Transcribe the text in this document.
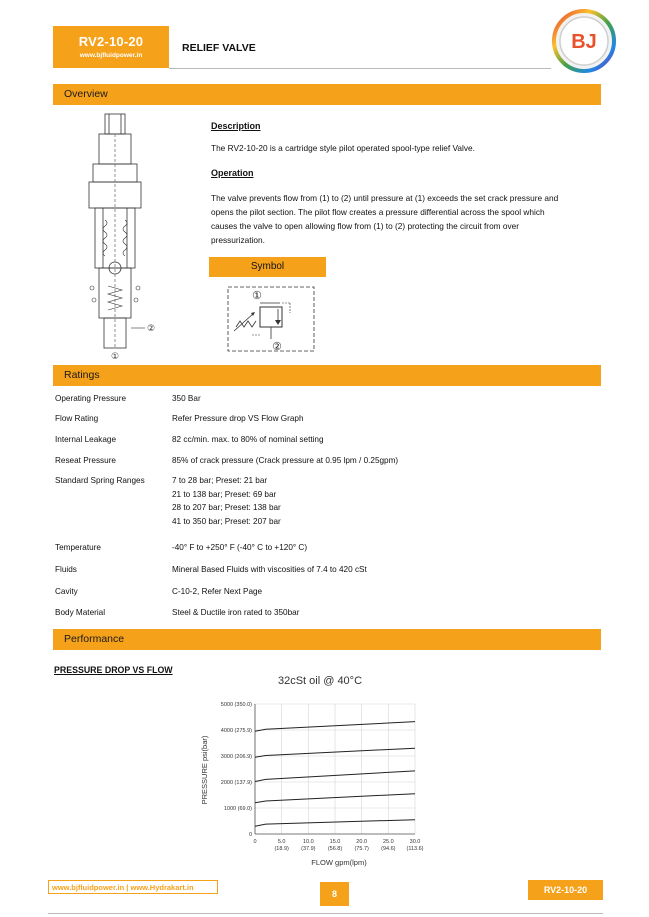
RV2-10-20
www.bjfluidpower.in
RELIEF VALVE	BJ
Overview
②
①
Description
The RV2-10-20 is a cartridge style pilot operated spool-type relief Valve.
Operation
The valve prevents flow from (1) to (2) until pressure at (1) exceeds the set crack pressure and
opens the pilot section. The pilot flow creates a pressure differential across the spool which
causes the valve to open allowing flow from (1) to (2) protecting the circuit from over
pressurization.
Symbol
①
②
Ratings
Operating Pressure	350 Bar
Flow Rating	Refer Pressure drop VS Flow Graph
Internal Leakage	82 cc/min. max. to 80% of nominal setting
Reseat Pressure	85% of crack pressure (Crack pressure at 0.95 lpm / 0.25gpm)
Standard Spring Ranges	7 to 28 bar; Preset: 21 bar
21 to 138 bar; Preset: 69 bar
28 to 207 bar; Preset: 138 bar
41 to 350 bar; Preset: 207 bar
Temperature	-40° F to +250° F (-40° C to +120° C)
Fluids	Mineral Based Fluids with viscosities of 7.4 to 420 cSt
Cavity	C-10-2, Refer Next Page
Body Material	Steel & Ductile iron rated to 350bar
Performance
PRESSURE DROP VS FLOW
32cSt oil @ 40°C
0
1000 (69.0)
2000 (137.9)
3000 (206.9)
4000 (275.9)
5000 (350.0)
0	5.0
(18.9)
10.0
(37.9)
15.0
(56.8)
20.0
(75.7)
25.0
(94.6)
30.0
(113.6)
FLOW gpm(lpm)
PRESSURE psi(bar)
www.bjfluidpower.in | www.Hydrakart.in
8	RV2-10-20
